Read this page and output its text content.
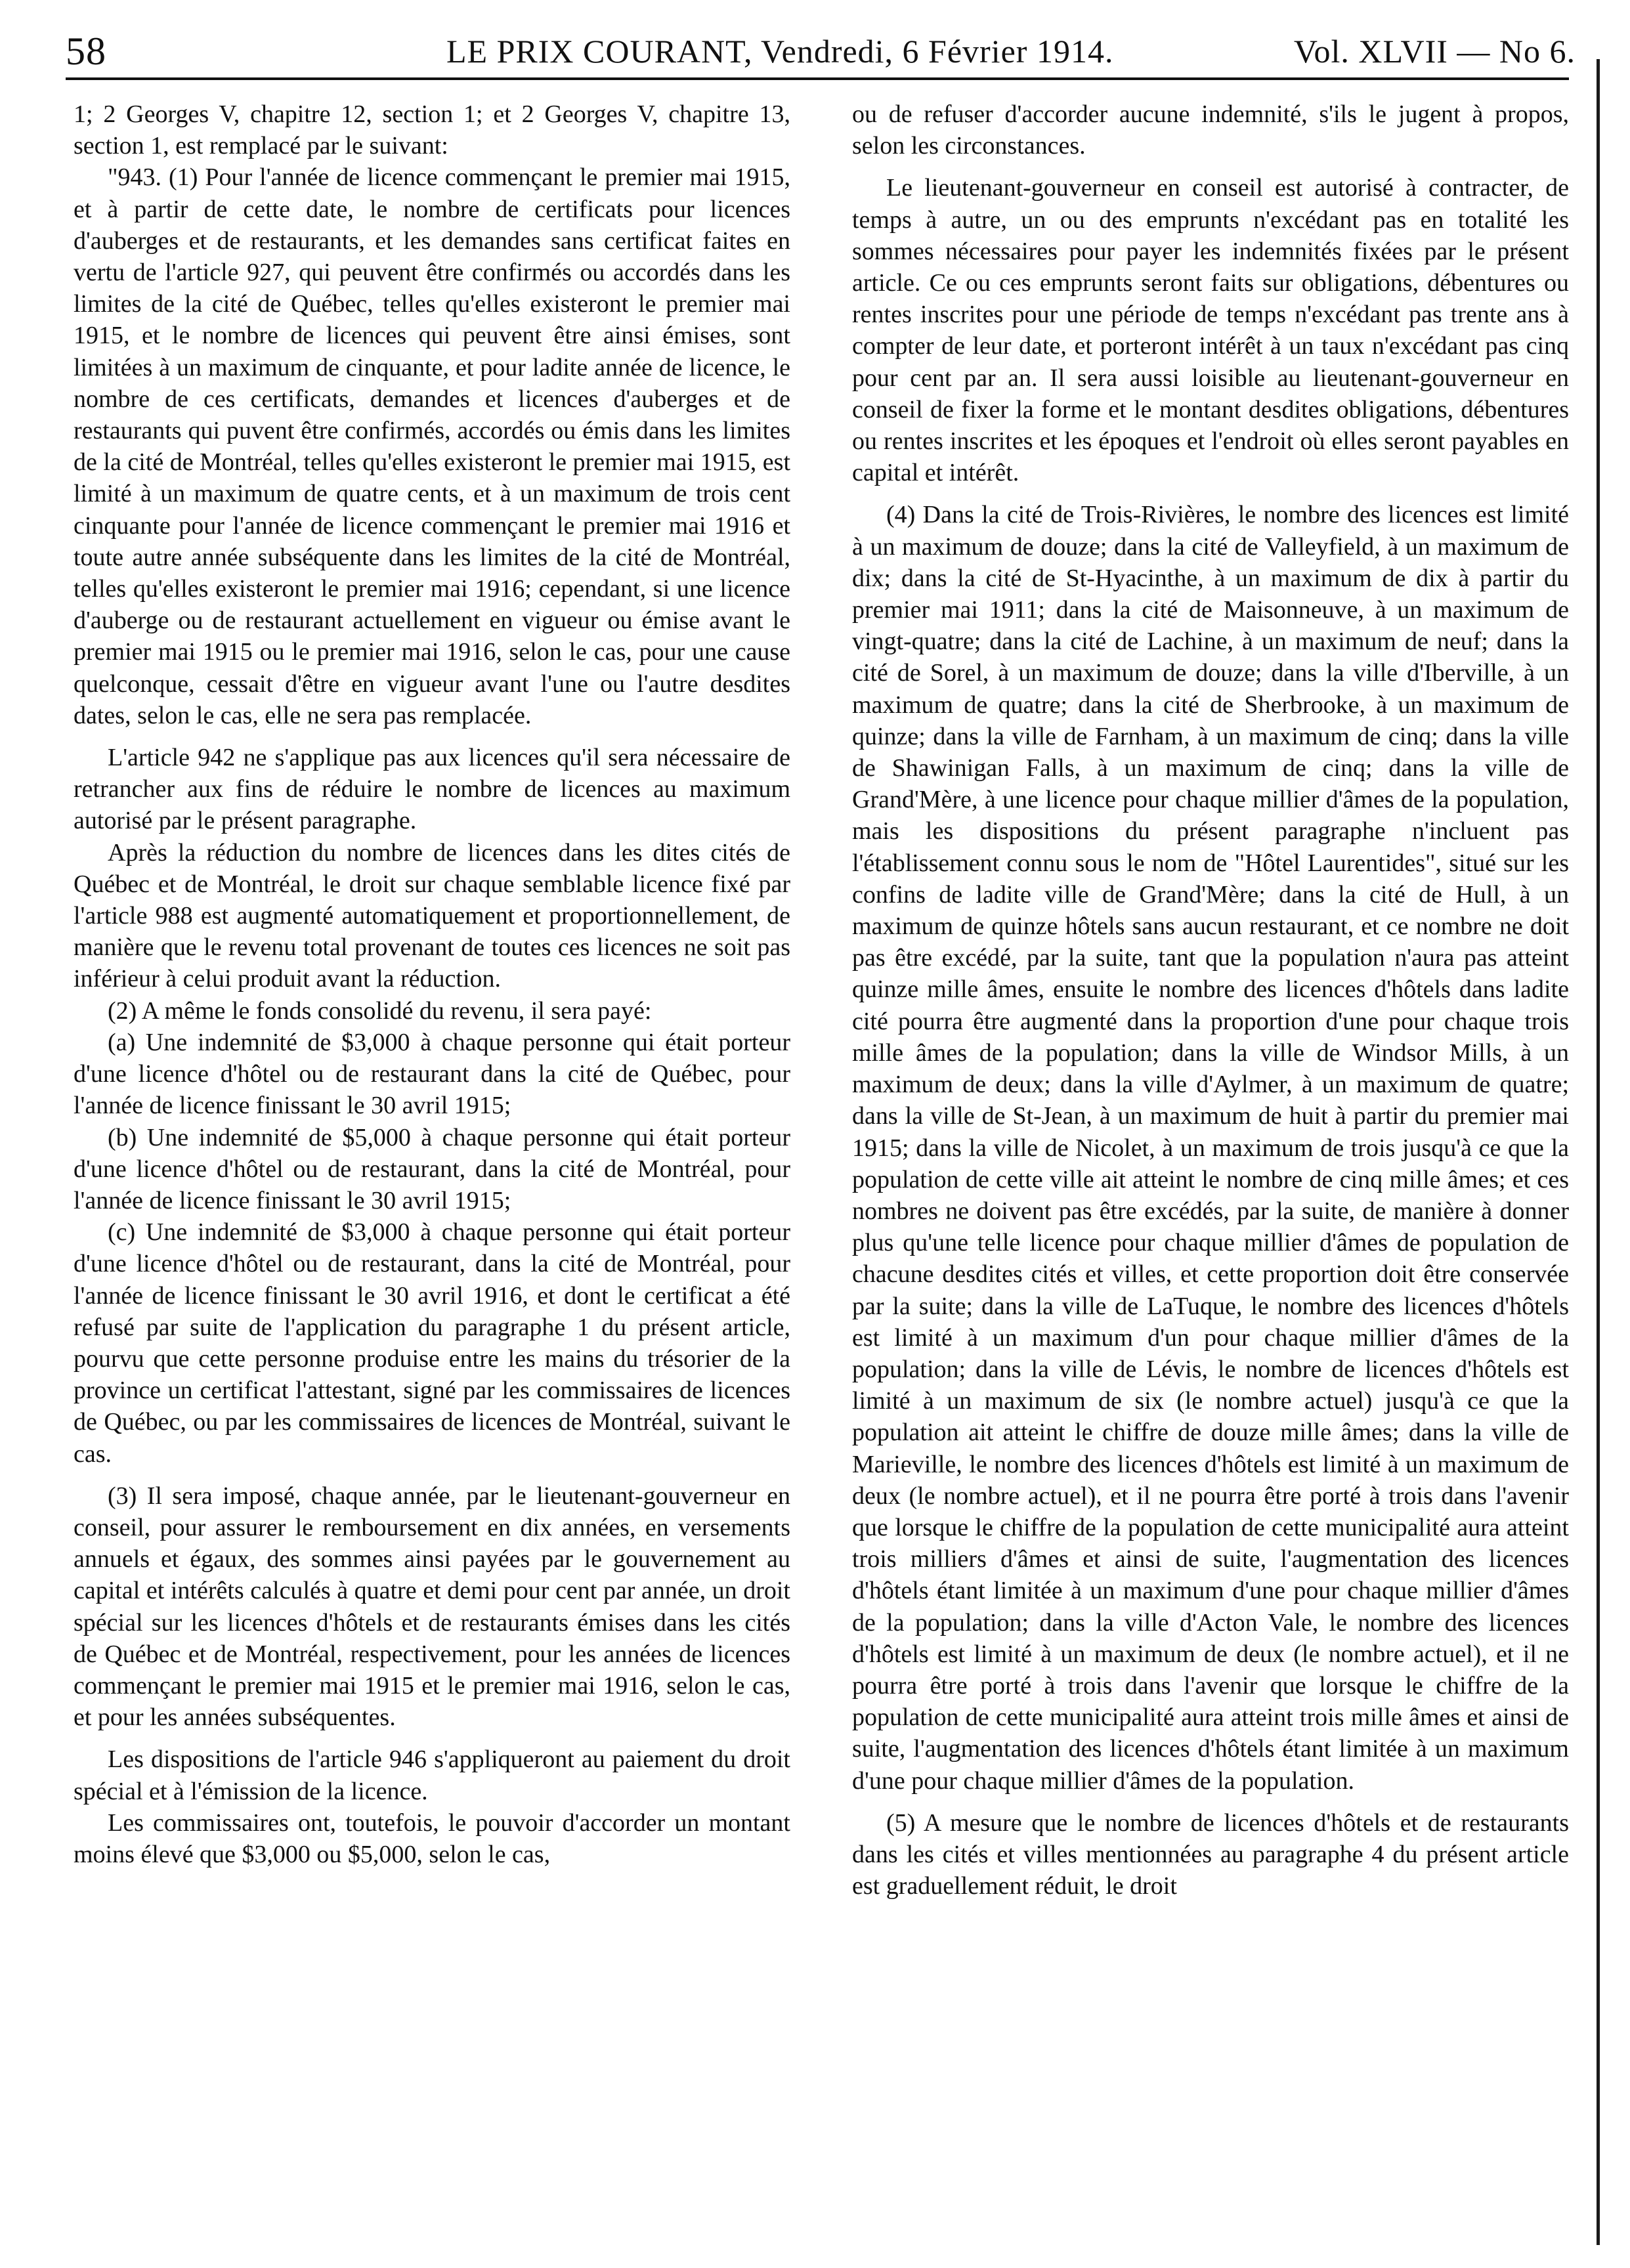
58	LE PRIX COURANT, Vendredi, 6 Février 1914.	Vol. XLVII — No 6.

1; 2 Georges V, chapitre 12, section 1; et 2 Georges V, chapitre 13, section 1, est remplacé par le suivant:

"943. (1) Pour l'année de licence commençant le premier mai 1915, et à partir de cette date, le nombre de certificats pour licences d'auberges et de restaurants, et les demandes sans certificat faites en vertu de l'article 927, qui peuvent être confirmés ou accordés dans les limites de la cité de Québec, telles qu'elles existeront le premier mai 1915, et le nombre de licences qui peuvent être ainsi émises, sont limitées à un maximum de cinquante, et pour ladite année de licence, le nombre de ces certificats, demandes et licences d'auberges et de restaurants qui puvent être confirmés, accordés ou émis dans les limites de la cité de Montréal, telles qu'elles existeront le premier mai 1915, est limité à un maximum de quatre cents, et à un maximum de trois cent cinquante pour l'année de licence commençant le premier mai 1916 et toute autre année subséquente dans les limites de la cité de Montréal, telles qu'elles existeront le premier mai 1916; cependant, si une licence d'auberge ou de restaurant actuellement en vigueur ou émise avant le premier mai 1915 ou le premier mai 1916, selon le cas, pour une cause quelconque, cessait d'être en vigueur avant l'une ou l'autre desdites dates, selon le cas, elle ne sera pas remplacée.

L'article 942 ne s'applique pas aux licences qu'il sera nécessaire de retrancher aux fins de réduire le nombre de licences au maximum autorisé par le présent paragraphe.

Après la réduction du nombre de licences dans les dites cités de Québec et de Montréal, le droit sur chaque semblable licence fixé par l'article 988 est augmenté automatiquement et proportionnellement, de manière que le revenu total provenant de toutes ces licences ne soit pas inférieur à celui produit avant la réduction.

(2) A même le fonds consolidé du revenu, il sera payé:

(a) Une indemnité de $3,000 à chaque personne qui était porteur d'une licence d'hôtel ou de restaurant dans la cité de Québec, pour l'année de licence finissant le 30 avril 1915;

(b) Une indemnité de $5,000 à chaque personne qui était porteur d'une licence d'hôtel ou de restaurant, dans la cité de Montréal, pour l'année de licence finissant le 30 avril 1915;

(c) Une indemnité de $3,000 à chaque personne qui était porteur d'une licence d'hôtel ou de restaurant, dans la cité de Montréal, pour l'année de licence finissant le 30 avril 1916, et dont le certificat a été refusé par suite de l'application du paragraphe 1 du présent article, pourvu que cette personne produise entre les mains du trésorier de la province un certificat l'attestant, signé par les commissaires de licences de Québec, ou par les commissaires de licences de Montréal, suivant le cas.

(3) Il sera imposé, chaque année, par le lieutenant-gouverneur en conseil, pour assurer le remboursement en dix années, en versements annuels et égaux, des sommes ainsi payées par le gouvernement au capital et intérêts calculés à quatre et demi pour cent par année, un droit spécial sur les licences d'hôtels et de restaurants émises dans les cités de Québec et de Montréal, respectivement, pour les années de licences commençant le premier mai 1915 et le premier mai 1916, selon le cas, et pour les années subséquentes.

Les dispositions de l'article 946 s'appliqueront au paiement du droit spécial et à l'émission de la licence.

Les commissaires ont, toutefois, le pouvoir d'accorder un montant moins élevé que $3,000 ou $5,000, selon le cas,

ou de refuser d'accorder aucune indemnité, s'ils le jugent à propos, selon les circonstances.

Le lieutenant-gouverneur en conseil est autorisé à contracter, de temps à autre, un ou des emprunts n'excédant pas en totalité les sommes nécessaires pour payer les indemnités fixées par le présent article. Ce ou ces emprunts seront faits sur obligations, débentures ou rentes inscrites pour une période de temps n'excédant pas trente ans à compter de leur date, et porteront intérêt à un taux n'excédant pas cinq pour cent par an. Il sera aussi loisible au lieutenant-gouverneur en conseil de fixer la forme et le montant desdites obligations, débentures ou rentes inscrites et les époques et l'endroit où elles seront payables en capital et intérêt.

(4) Dans la cité de Trois-Rivières, le nombre des licences est limité à un maximum de douze; dans la cité de Valleyfield, à un maximum de dix; dans la cité de St-Hyacinthe, à un maximum de dix à partir du premier mai 1911; dans la cité de Maisonneuve, à un maximum de vingt-quatre; dans la cité de Lachine, à un maximum de neuf; dans la cité de Sorel, à un maximum de douze; dans la ville d'Iberville, à un maximum de quatre; dans la cité de Sherbrooke, à un maximum de quinze; dans la ville de Farnham, à un maximum de cinq; dans la ville de Shawinigan Falls, à un maximum de cinq; dans la ville de Grand'Mère, à une licence pour chaque millier d'âmes de la population, mais les dispositions du présent paragraphe n'incluent pas l'établissement connu sous le nom de "Hôtel Laurentides", situé sur les confins de ladite ville de Grand'Mère; dans la cité de Hull, à un maximum de quinze hôtels sans aucun restaurant, et ce nombre ne doit pas être excédé, par la suite, tant que la population n'aura pas atteint quinze mille âmes, ensuite le nombre des licences d'hôtels dans ladite cité pourra être augmenté dans la proportion d'une pour chaque trois mille âmes de la population; dans la ville de Windsor Mills, à un maximum de deux; dans la ville d'Aylmer, à un maximum de quatre; dans la ville de St-Jean, à un maximum de huit à partir du premier mai 1915; dans la ville de Nicolet, à un maximum de trois jusqu'à ce que la population de cette ville ait atteint le nombre de cinq mille âmes; et ces nombres ne doivent pas être excédés, par la suite, de manière à donner plus qu'une telle licence pour chaque millier d'âmes de population de chacune desdites cités et villes, et cette proportion doit être conservée par la suite; dans la ville de LaTuque, le nombre des licences d'hôtels est limité à un maximum d'un pour chaque millier d'âmes de la population; dans la ville de Lévis, le nombre de licences d'hôtels est limité à un maximum de six (le nombre actuel) jusqu'à ce que la population ait atteint le chiffre de douze mille âmes; dans la ville de Marieville, le nombre des licences d'hôtels est limité à un maximum de deux (le nombre actuel), et il ne pourra être porté à trois dans l'avenir que lorsque le chiffre de la population de cette municipalité aura atteint trois milliers d'âmes et ainsi de suite, l'augmentation des licences d'hôtels étant limitée à un maximum d'une pour chaque millier d'âmes de la population; dans la ville d'Acton Vale, le nombre des licences d'hôtels est limité à un maximum de deux (le nombre actuel), et il ne pourra être porté à trois dans l'avenir que lorsque le chiffre de la population de cette municipalité aura atteint trois mille âmes et ainsi de suite, l'augmentation des licences d'hôtels étant limitée à un maximum d'une pour chaque millier d'âmes de la population.

(5) A mesure que le nombre de licences d'hôtels et de restaurants dans les cités et villes mentionnées au paragraphe 4 du présent article est graduellement réduit, le droit
